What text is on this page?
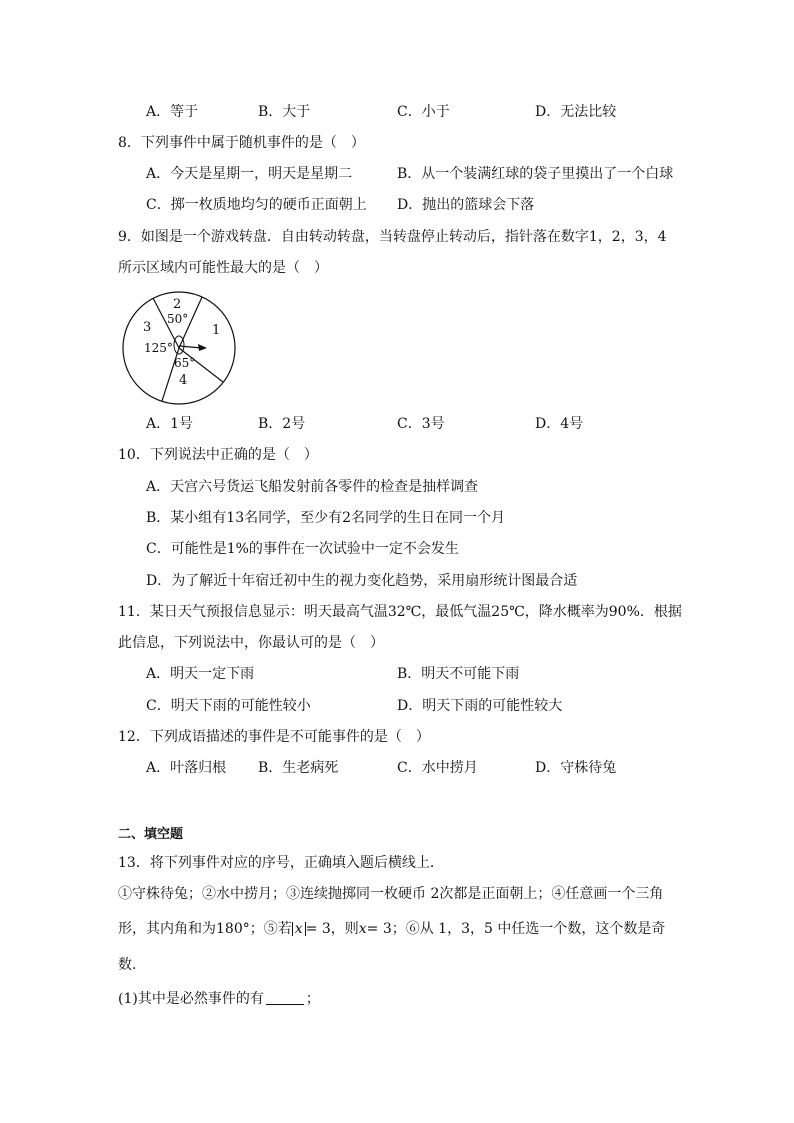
A．等于	B．大于	C．小于	D．无法比较
8．下列事件中属于随机事件的是（　）
A．今天是星期一，明天是星期二	B．从一个装满红球的袋子里摸出了一个白球
C．掷一枚质地均匀的硬币正面朝上 D．抛出的篮球会下落
9．如图是一个游戏转盘．自由转动转盘，当转盘停止转动后，指针落在数字1，2，3，4
所示区域内可能性最大的是（　）
2
50°
1
3
125°
65°
4
A．1号	B．2号	C．3号	D．4号
10．下列说法中正确的是（　）
A．天宫六号货运飞船发射前各零件的检查是抽样调查
B．某小组有13名同学，至少有2名同学的生日在同一个月
C．可能性是1%的事件在一次试验中一定不会发生
D．为了解近十年宿迁初中生的视力变化趋势，采用扇形统计图最合适
11．某日天气预报信息显示：明天最高气温32℃，最低气温25℃，降水概率为90%．根据
此信息，下列说法中，你最认可的是（　）
A．明天一定下雨	B．明天不可能下雨
C．明天下雨的可能性较小	D．明天下雨的可能性较大
12．下列成语描述的事件是不可能事件的是（　）
A．叶落归根 B．生老病死	C．水中捞月	D．守株待兔
二、填空题
13．将下列事件对应的序号，正确填入题后横线上．
①守株待兔；②水中捞月；③连续抛掷同一枚硬币 2次都是正面朝上；④任意画一个三角
形，其内角和为180°；⑤若 x = 3，则x= 3；⑥从 1，3，5 中任选一个数，这个数是奇
数．
(1)其中是必然事件的有	；
